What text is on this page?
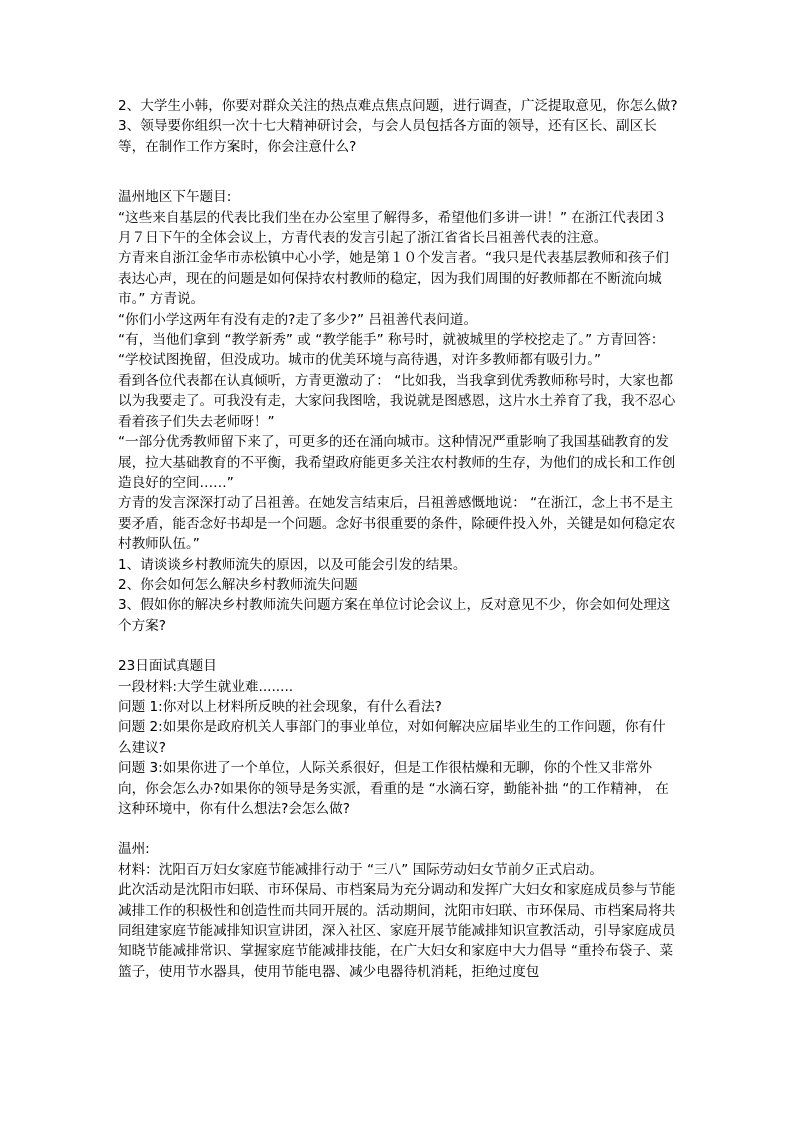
2、大学生小韩，你要对群众关注的热点难点焦点问题，进行调查，广泛提取意见，你怎么做?

3、领导要你组织一次十七大精神研讨会，与会人员包括各方面的领导，还有区长、副区长等，在制作工作方案时，你会注意什么?

温州地区下午题目:

“这些来自基层的代表比我们坐在办公室里了解得多，希望他们多讲一讲！” 在浙江代表团３月７日下午的全体会议上，方青代表的发言引起了浙江省省长吕祖善代表的注意。

方青来自浙江金华市赤松镇中心小学，她是第１０个发言者。“我只是代表基层教师和孩子们表达心声，现在的问题是如何保持农村教师的稳定，因为我们周围的好教师都在不断流向城市。” 方青说。

“你们小学这两年有没有走的?走了多少?” 吕祖善代表问道。

“有，当他们拿到 “教学新秀” 或 “教学能手” 称号时，就被城里的学校挖走了。” 方青回答： “学校试图挽留，但没成功。城市的优美环境与高待遇，对许多教师都有吸引力。”

看到各位代表都在认真倾听，方青更激动了： “比如我，当我拿到优秀教师称号时，大家也都以为我要走了。可我没有走，大家问我图啥，我说就是图感恩，这片水土养育了我，我不忍心看着孩子们失去老师呀！”

“一部分优秀教师留下来了，可更多的还在涌向城市。这种情况严重影响了我国基础教育的发展，拉大基础教育的不平衡，我希望政府能更多关注农村教师的生存，为他们的成长和工作创造良好的空间……”

方青的发言深深打动了吕祖善。在她发言结束后，吕祖善感慨地说： “在浙江，念上书不是主要矛盾，能否念好书却是一个问题。念好书很重要的条件，除硬件投入外，关键是如何稳定农村教师队伍。”

1、请谈谈乡村教师流失的原因，以及可能会引发的结果。

2、你会如何怎么解决乡村教师流失问题

3、假如你的解决乡村教师流失问题方案在单位讨论会议上，反对意见不少，你会如何处理这个方案?

23日面试真题目

一段材料:大学生就业难........

问题 1:你对以上材料所反映的社会现象，有什么看法?

问题 2:如果你是政府机关人事部门的事业单位，对如何解决应届毕业生的工作问题，你有什么建议?

问题 3:如果你进了一个单位，人际关系很好，但是工作很枯燥和无聊，你的个性又非常外向，你会怎么办?如果你的领导是务实派，看重的是 “水滴石穿，勤能补拙 “的工作精神， 在这种环境中，你有什么想法?会怎么做?

温州:

材料：沈阳百万妇女家庭节能减排行动于 “三八” 国际劳动妇女节前夕正式启动。

此次活动是沈阳市妇联、市环保局、市档案局为充分调动和发挥广大妇女和家庭成员参与节能减排工作的积极性和创造性而共同开展的。活动期间，沈阳市妇联、市环保局、市档案局将共同组建家庭节能减排知识宣讲团，深入社区、家庭开展节能减排知识宣教活动，引导家庭成员知晓节能减排常识、掌握家庭节能减排技能，在广大妇女和家庭中大力倡导 “重拎布袋子、菜篮子，使用节水器具，使用节能电器、减少电器待机消耗，拒绝过度包
